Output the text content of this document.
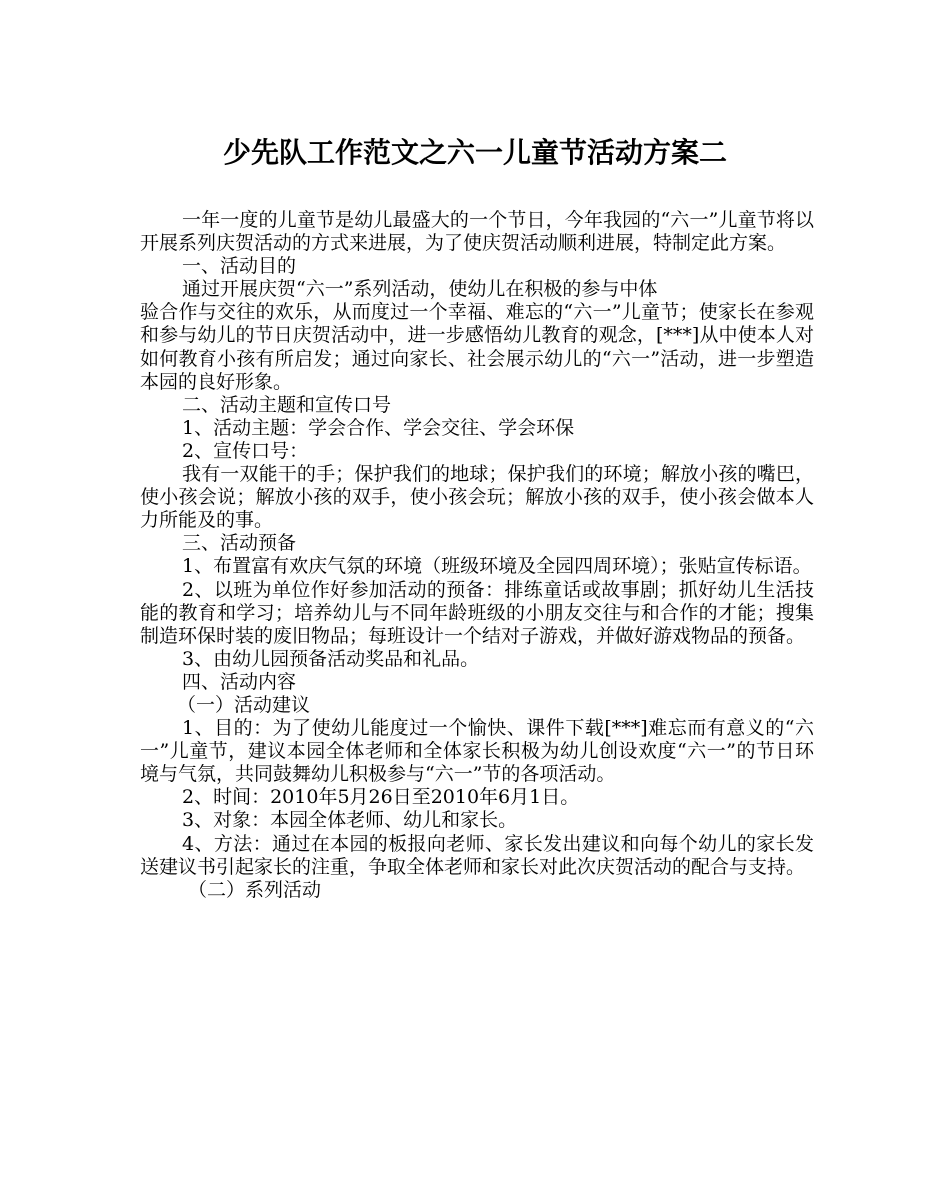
少先队工作范文之六一儿童节活动方案二

一年一度的儿童节是幼儿最盛大的一个节日，今年我园的“六一”儿童节将以开展系列庆贺活动的方式来进展，为了使庆贺活动顺利进展，特制定此方案。

一、活动目的

通过开展庆贺“六一”系列活动，使幼儿在积极的参与中体

验合作与交往的欢乐，从而度过一个幸福、难忘的“六一”儿童节；使家长在参观和参与幼儿的节日庆贺活动中，进一步感悟幼儿教育的观念，[***]从中使本人对如何教育小孩有所启发；通过向家长、社会展示幼儿的“六一”活动，进一步塑造本园的良好形象。

二、活动主题和宣传口号

1、活动主题：学会合作、学会交往、学会环保

2、宣传口号：

我有一双能干的手；保护我们的地球；保护我们的环境；解放小孩的嘴巴，使小孩会说；解放小孩的双手，使小孩会玩；解放小孩的双手，使小孩会做本人力所能及的事。

三、活动预备

1、布置富有欢庆气氛的环境（班级环境及全园四周环境）；张贴宣传标语。

2、以班为单位作好参加活动的预备：排练童话或故事剧；抓好幼儿生活技能的教育和学习；培养幼儿与不同年龄班级的小朋友交往与和合作的才能；搜集制造环保时装的废旧物品；每班设计一个结对子游戏，并做好游戏物品的预备。

3、由幼儿园预备活动奖品和礼品。

四、活动内容

（一）活动建议

1、目的：为了使幼儿能度过一个愉快、课件下载[***]难忘而有意义的“六一”儿童节，建议本园全体老师和全体家长积极为幼儿创设欢度“六一”的节日环境与气氛，共同鼓舞幼儿积极参与“六一”节的各项活动。

2、时间：2010年5月26日至2010年6月1日。

3、对象：本园全体老师、幼儿和家长。

4、方法：通过在本园的板报向老师、家长发出建议和向每个幼儿的家长发送建议书引起家长的注重，争取全体老师和家长对此次庆贺活动的配合与支持。

（二）系列活动
